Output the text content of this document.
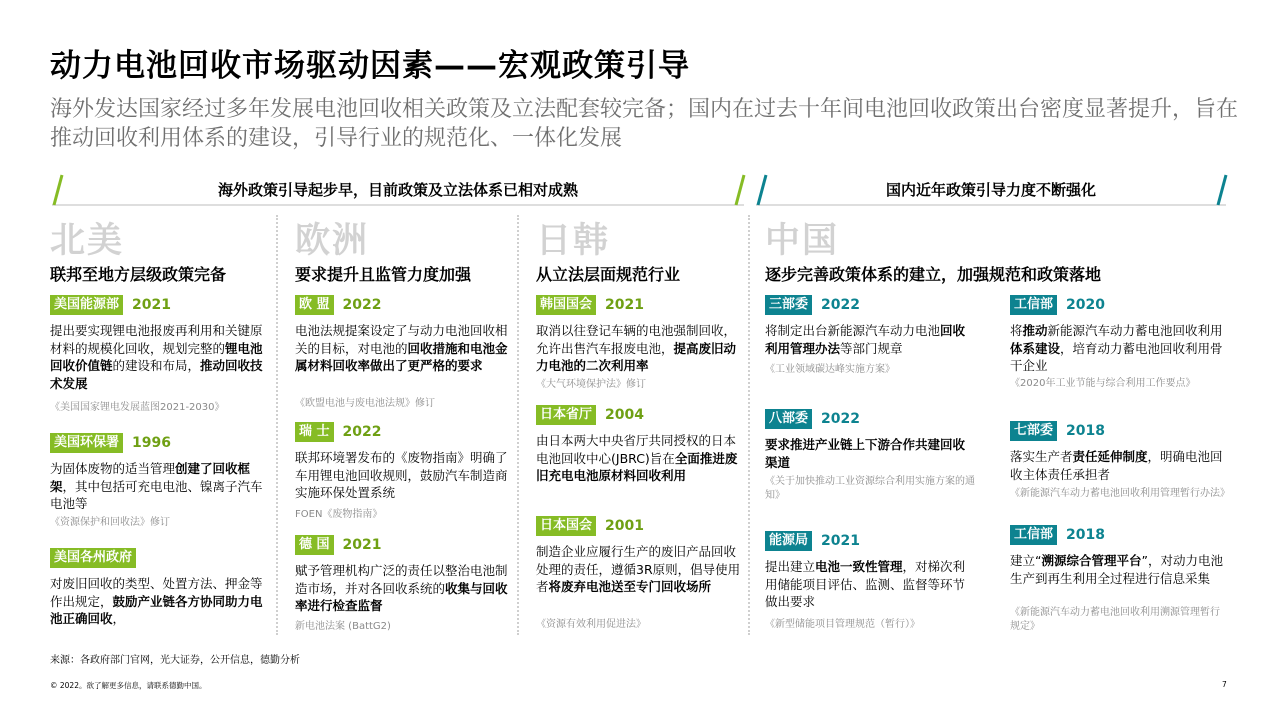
动力电池回收市场驱动因素——宏观政策引导
海外发达国家经过多年发展电池回收相关政策及立法配套较完备；国内在过去十年间电池回收政策出台密度显著提升，旨在推动回收利用体系的建设，引导行业的规范化、一体化发展
海外政策引导起步早，目前政策及立法体系已相对成熟	国内近年政策引导力度不断强化
北美
联邦至地方层级政策完备
欧洲
要求提升且监管力度加强
日韩
从立法层面规范行业
中国
逐步完善政策体系的建立，加强规范和政策落地
美国能源部 2021
提出要实现锂电池报废再利用和关键原材料的规模化回收，规划完整的锂电池回收价值链的建设和布局，推动回收技术发展
《美国国家锂电发展蓝图2021-2030》
美国环保署 1996
为固体废物的适当管理创建了回收框架，其中包括可充电电池、镍离子汽车电池等
《资源保护和回收法》修订
美国各州政府
对废旧回收的类型、处置方法、押金等作出规定，鼓励产业链各方协同助力电池正确回收，
欧 盟 2022
电池法规提案设定了与动力电池回收相关的目标，对电池的回收措施和电池金属材料回收率做出了更严格的要求
《欧盟电池与废电池法规》修订
瑞 士 2022
联邦环境署发布的《废物指南》明确了车用锂电池回收规则，鼓励汽车制造商实施环保处置系统
FOEN《废物指南》
德 国 2021
赋予管理机构广泛的责任以整治电池制造市场，并对各回收系统的收集与回收率进行检查监督
新电池法案 (BattG2)
韩国国会 2021
取消以往登记车辆的电池强制回收，允许出售汽车报废电池，提高废旧动力电池的二次利用率
《大气环境保护法》修订
日本省厅 2004
由日本两大中央省厅共同授权的日本电池回收中心(JBRC)旨在全面推进废旧充电电池原材料回收利用
日本国会 2001
制造企业应履行生产的废旧产品回收处理的责任，遵循3R原则，倡导使用者将废弃电池送至专门回收场所
《资源有效利用促进法》
三部委 2022
将制定出台新能源汽车动力电池回收利用管理办法等部门规章
《工业领域碳达峰实施方案》
八部委 2022
要求推进产业链上下游合作共建回收渠道
《关于加快推动工业资源综合利用实施方案的通知》
能源局 2021
提出建立电池一致性管理，对梯次利用储能项目评估、监测、监督等环节做出要求
《新型储能项目管理规范（暂行）》
工信部 2020
将推动新能源汽车动力蓄电池回收利用体系建设，培育动力蓄电池回收利用骨干企业
《2020年工业节能与综合利用工作要点》
七部委 2018
落实生产者责任延伸制度，明确电池回收主体责任承担者
《新能源汽车动力蓄电池回收利用管理暂行办法》
工信部 2018
建立“溯源综合管理平台”，对动力电池生产到再生利用全过程进行信息采集
《新能源汽车动力蓄电池回收利用溯源管理暂行规定》
来源：各政府部门官网，光大证券，公开信息，德勤分析
© 2022。欲了解更多信息，请联系德勤中国。	7
